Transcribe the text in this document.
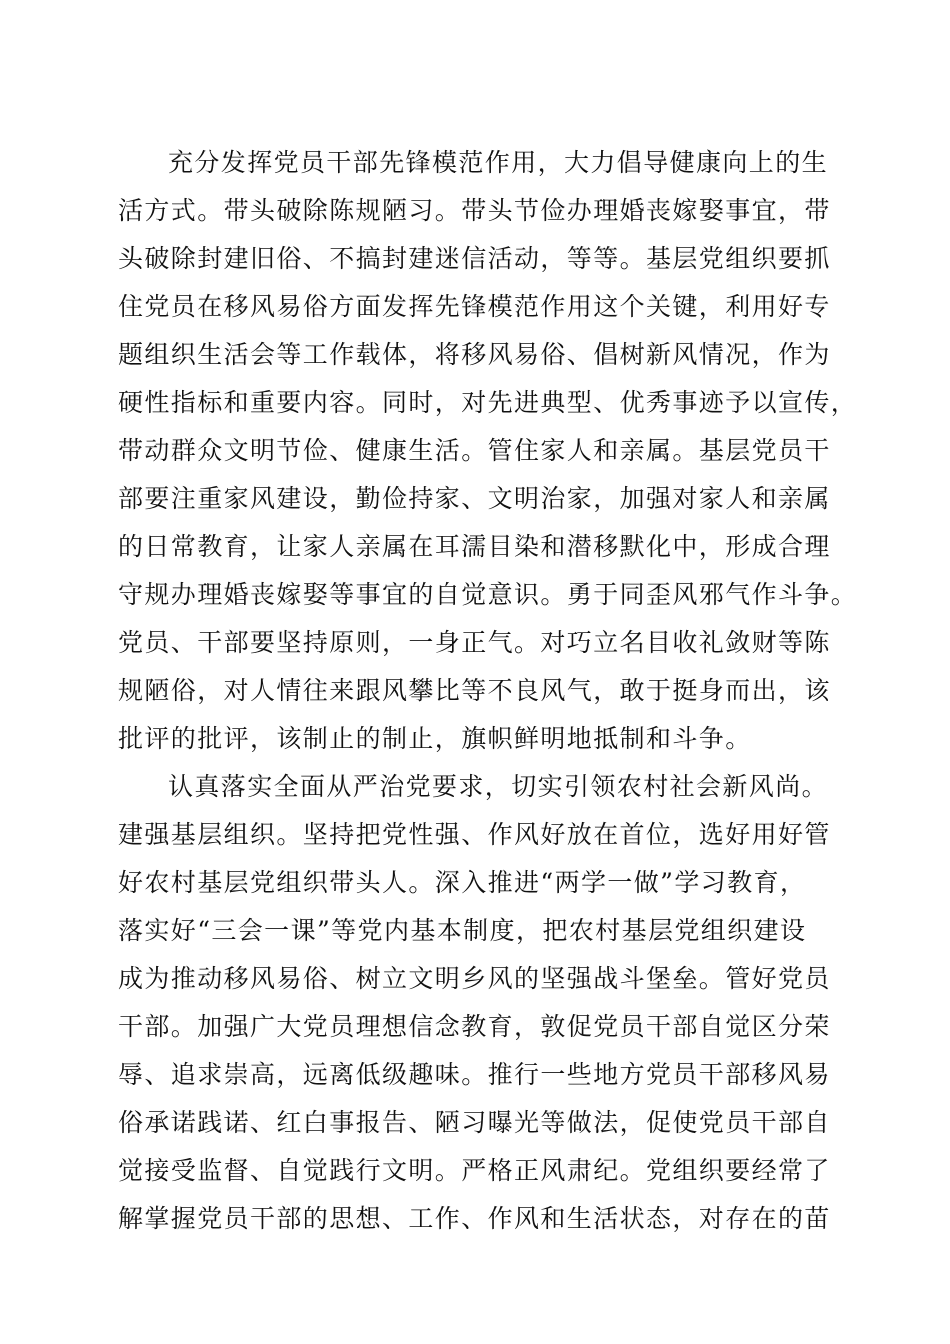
充分发挥党员干部先锋模范作用，大力倡导健康向上的生
活方式。带头破除陈规陋习。带头节俭办理婚丧嫁娶事宜，带
头破除封建旧俗、不搞封建迷信活动，等等。基层党组织要抓
住党员在移风易俗方面发挥先锋模范作用这个关键，利用好专
题组织生活会等工作载体，将移风易俗、倡树新风情况，作为
硬性指标和重要内容。同时，对先进典型、优秀事迹予以宣传，
带动群众文明节俭、健康生活。管住家人和亲属。基层党员干
部要注重家风建设，勤俭持家、文明治家，加强对家人和亲属
的日常教育，让家人亲属在耳濡目染和潜移默化中，形成合理
守规办理婚丧嫁娶等事宜的自觉意识。勇于同歪风邪气作斗争。
党员、干部要坚持原则，一身正气。对巧立名目收礼敛财等陈
规陋俗，对人情往来跟风攀比等不良风气，敢于挺身而出，该
批评的批评，该制止的制止，旗帜鲜明地抵制和斗争。
认真落实全面从严治党要求，切实引领农村社会新风尚。
建强基层组织。坚持把党性强、作风好放在首位，选好用好管
好农村基层党组织带头人。深入推进“两学一做”学习教育，
落实好“三会一课”等党内基本制度，把农村基层党组织建设
成为推动移风易俗、树立文明乡风的坚强战斗堡垒。管好党员
干部。加强广大党员理想信念教育，敦促党员干部自觉区分荣
辱、追求崇高，远离低级趣味。推行一些地方党员干部移风易
俗承诺践诺、红白事报告、陋习曝光等做法，促使党员干部自
觉接受监督、自觉践行文明。严格正风肃纪。党组织要经常了
解掌握党员干部的思想、工作、作风和生活状态，对存在的苗
